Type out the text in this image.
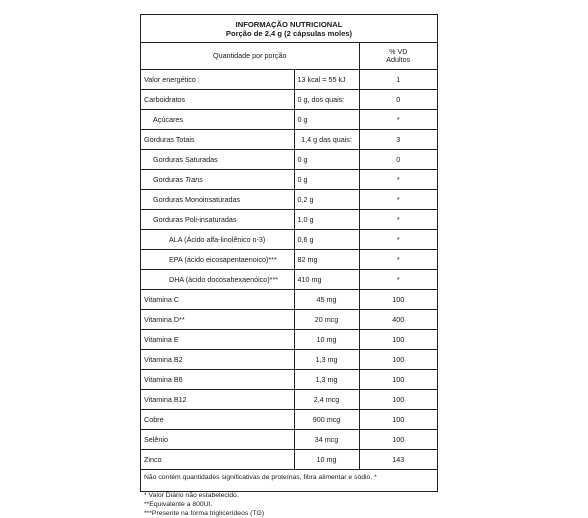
INFORMAÇÃO NUTRICIONAL
Porção de 2,4 g (2 cápsulas moles)
Quantidade por porção		% VD
Adultos

Valor energético	13 kcal = 55 kJ	1
Carboidratos	0 g, dos quais:	0
Açúcares	0 g	*
Gorduras Totais	1,4 g das quais:	3
Gorduras Saturadas	0 g	0
Gorduras Trans	0 g	*
Gorduras Monoinsaturadas	0,2 g	*
Gorduras Poli-insaturadas	1,0 g	*
ALA (Ácido alfa-linolênico n-3)	0,6 g	*
EPA (ácido eicosapentaenoico)***	82 mg	*
DHA (ácido docosahexaenóico)***	410 mg	*
Vitamina C	45 mg	100
Vitamina D**	20 mcg	400
Vitamina E	10 mg	100
Vitamina B2	1,3 mg	100
Vitamina B6	1,3 mg	100
Vitamina B12	2,4 mcg	100
Cobre	900 mcg	100
Selênio	34 mcg	100
Zinco	10 mg	143

Não contém quantidades significativas de proteínas, fibra alimentar e sódio. *

* Valor Diário não estabelecido.

**Equivalente a 800UI.

***Presente na forma triglicerídeos (TG)
